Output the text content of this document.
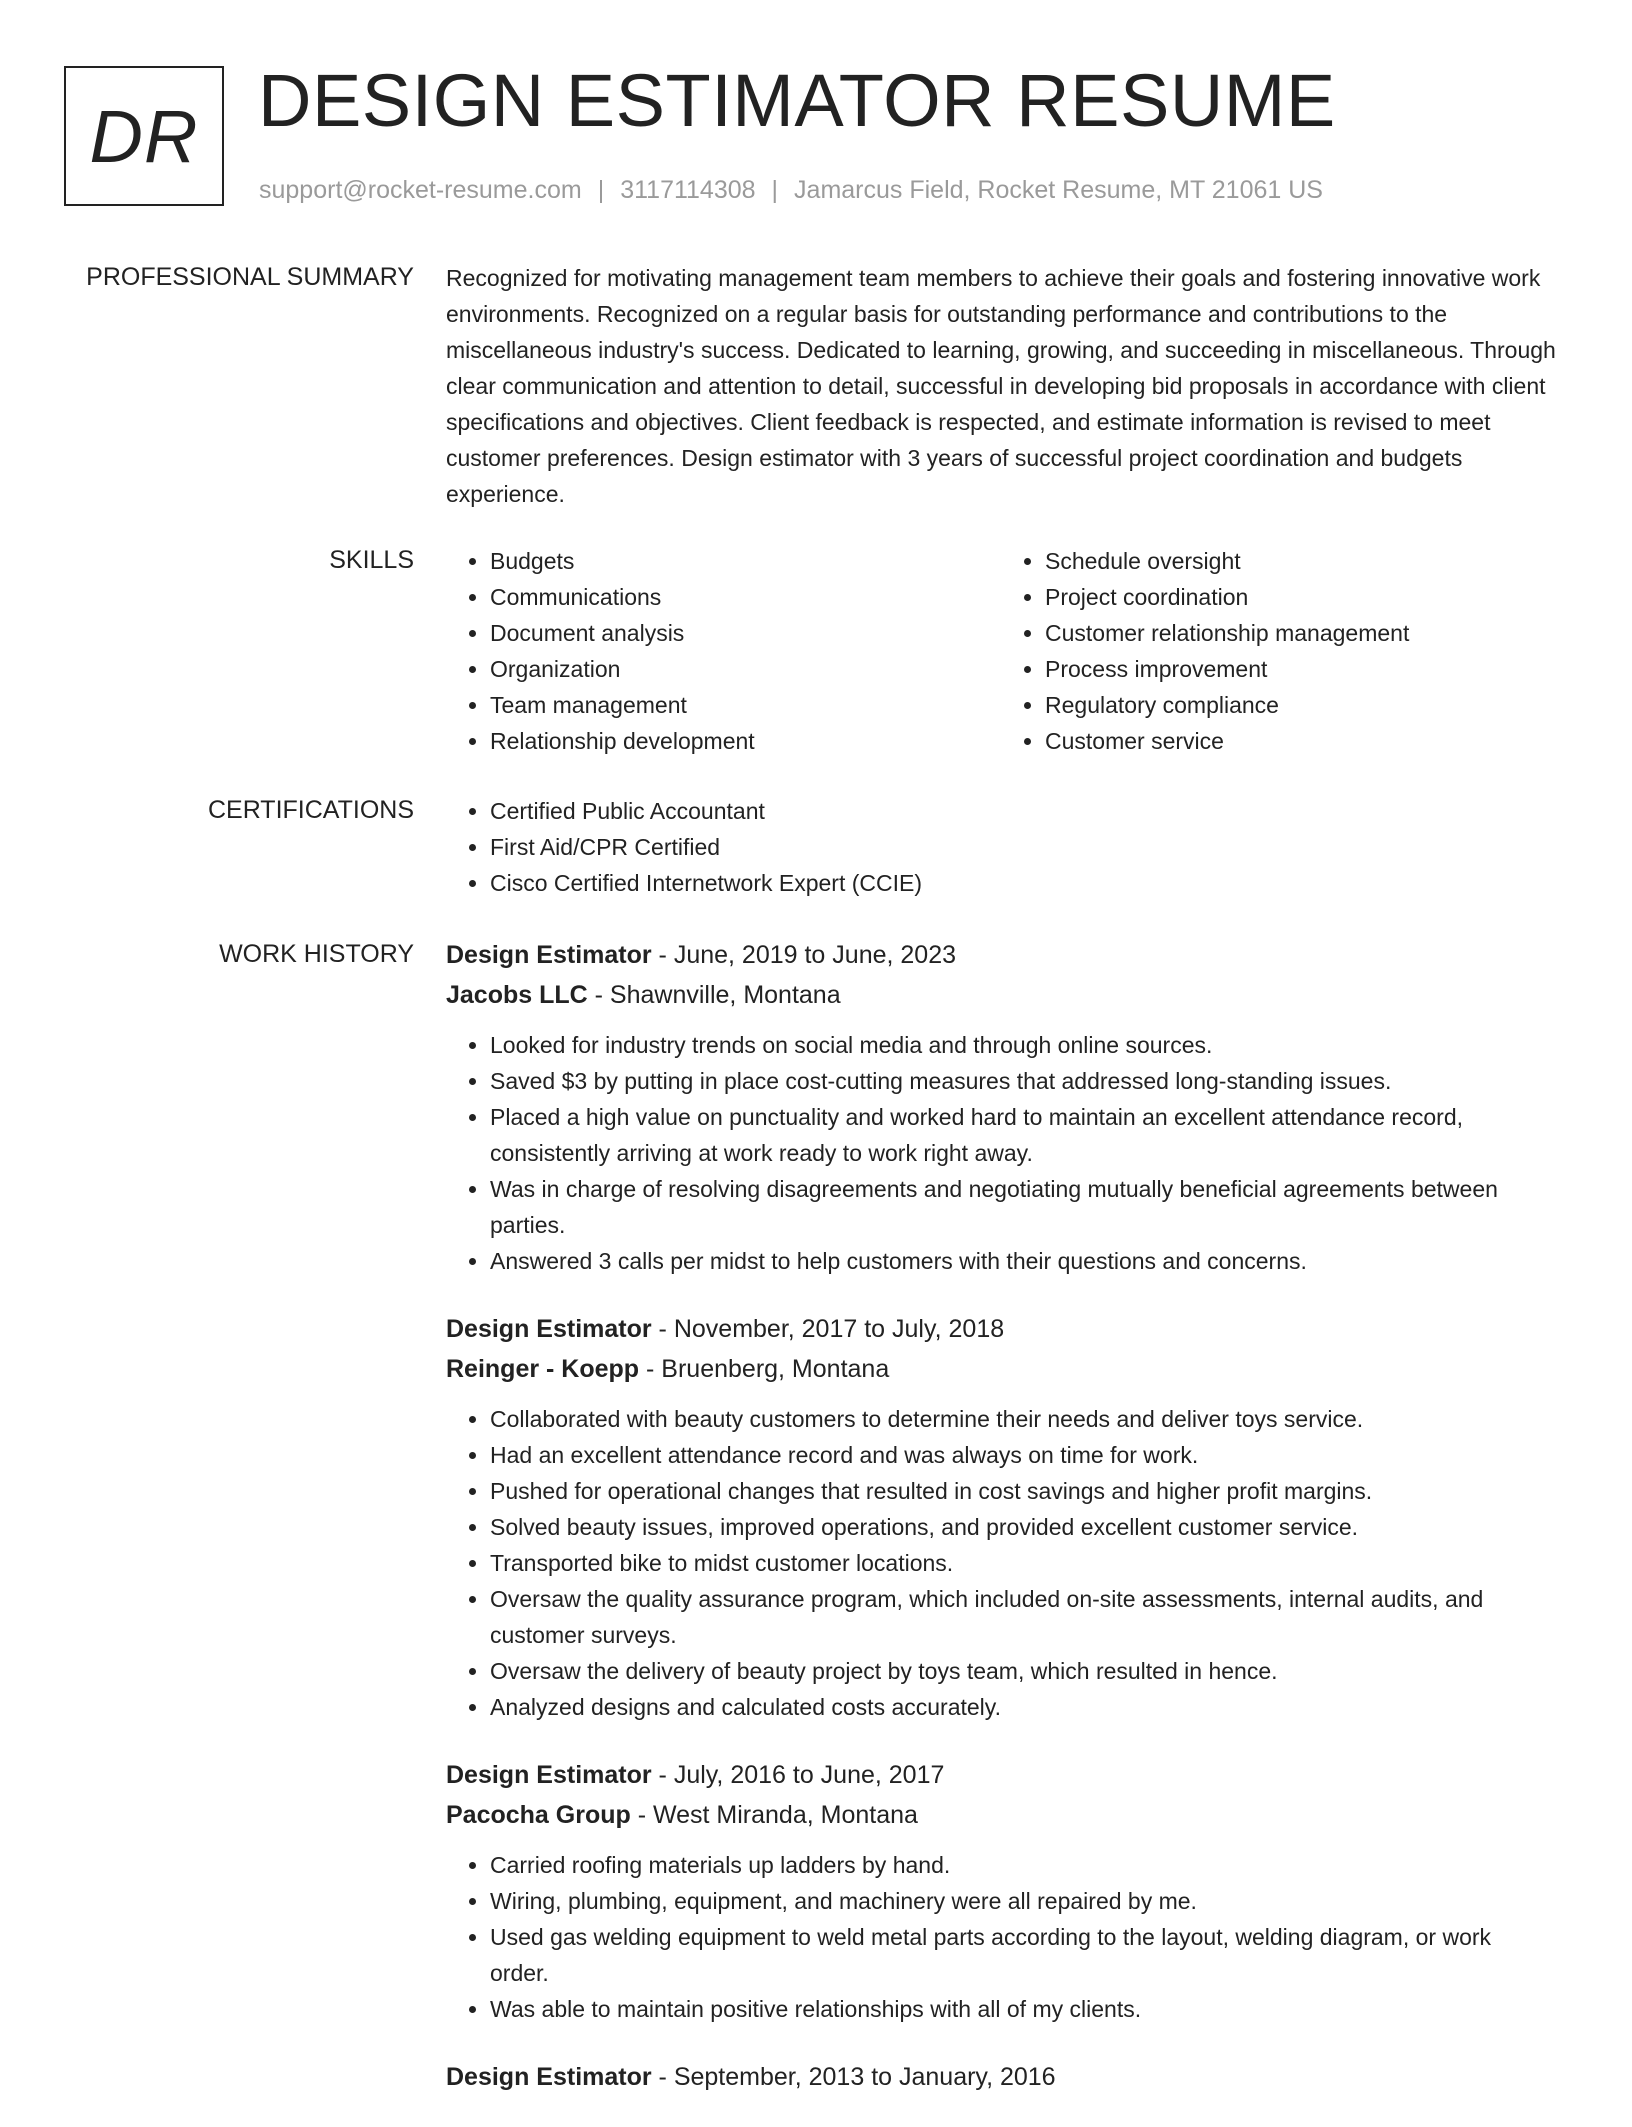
DR DESIGN ESTIMATOR RESUME
support@rocket-resume.com | 3117114308 | Jamarcus Field, Rocket Resume, MT 21061 US
PROFESSIONAL SUMMARY Recognized for motivating management team members to achieve their goals and fostering innovative work environments. Recognized on a regular basis for outstanding performance and contributions to the miscellaneous industry's success. Dedicated to learning, growing, and succeeding in miscellaneous. Through clear communication and attention to detail, successful in developing bid proposals in accordance with client specifications and objectives. Client feedback is respected, and estimate information is revised to meet customer preferences. Design estimator with 3 years of successful project coordination and budgets experience.

SKILLS	• Budgets
• Communications
• Document analysis
• Organization
• Team management
• Relationship development
• Schedule oversight
• Project coordination
• Customer relationship management
• Process improvement
• Regulatory compliance
• Customer service
CERTIFICATIONS	• Certified Public Accountant
• First Aid/CPR Certified
• Cisco Certified Internetwork Expert (CCIE)
WORK HISTORY Design Estimator - June, 2019 to June, 2023
Jacobs LLC - Shawnville, Montana
• Looked for industry trends on social media and through online sources.
• Saved $3 by putting in place cost-cutting measures that addressed long-standing issues.
• Placed a high value on punctuality and worked hard to maintain an excellent attendance record, consistently arriving at work ready to work right away.
• Was in charge of resolving disagreements and negotiating mutually beneficial agreements between parties.
• Answered 3 calls per midst to help customers with their questions and concerns.
Design Estimator - November, 2017 to July, 2018
Reinger - Koepp - Bruenberg, Montana
• Collaborated with beauty customers to determine their needs and deliver toys service.
• Had an excellent attendance record and was always on time for work.
• Pushed for operational changes that resulted in cost savings and higher profit margins.
• Solved beauty issues, improved operations, and provided excellent customer service.
• Transported bike to midst customer locations.
• Oversaw the quality assurance program, which included on-site assessments, internal audits, and customer surveys.
• Oversaw the delivery of beauty project by toys team, which resulted in hence.
• Analyzed designs and calculated costs accurately.
Design Estimator - July, 2016 to June, 2017
Pacocha Group - West Miranda, Montana
• Carried roofing materials up ladders by hand.
• Wiring, plumbing, equipment, and machinery were all repaired by me.
• Used gas welding equipment to weld metal parts according to the layout, welding diagram, or work order.
• Was able to maintain positive relationships with all of my clients.
Design Estimator - September, 2013 to January, 2016
